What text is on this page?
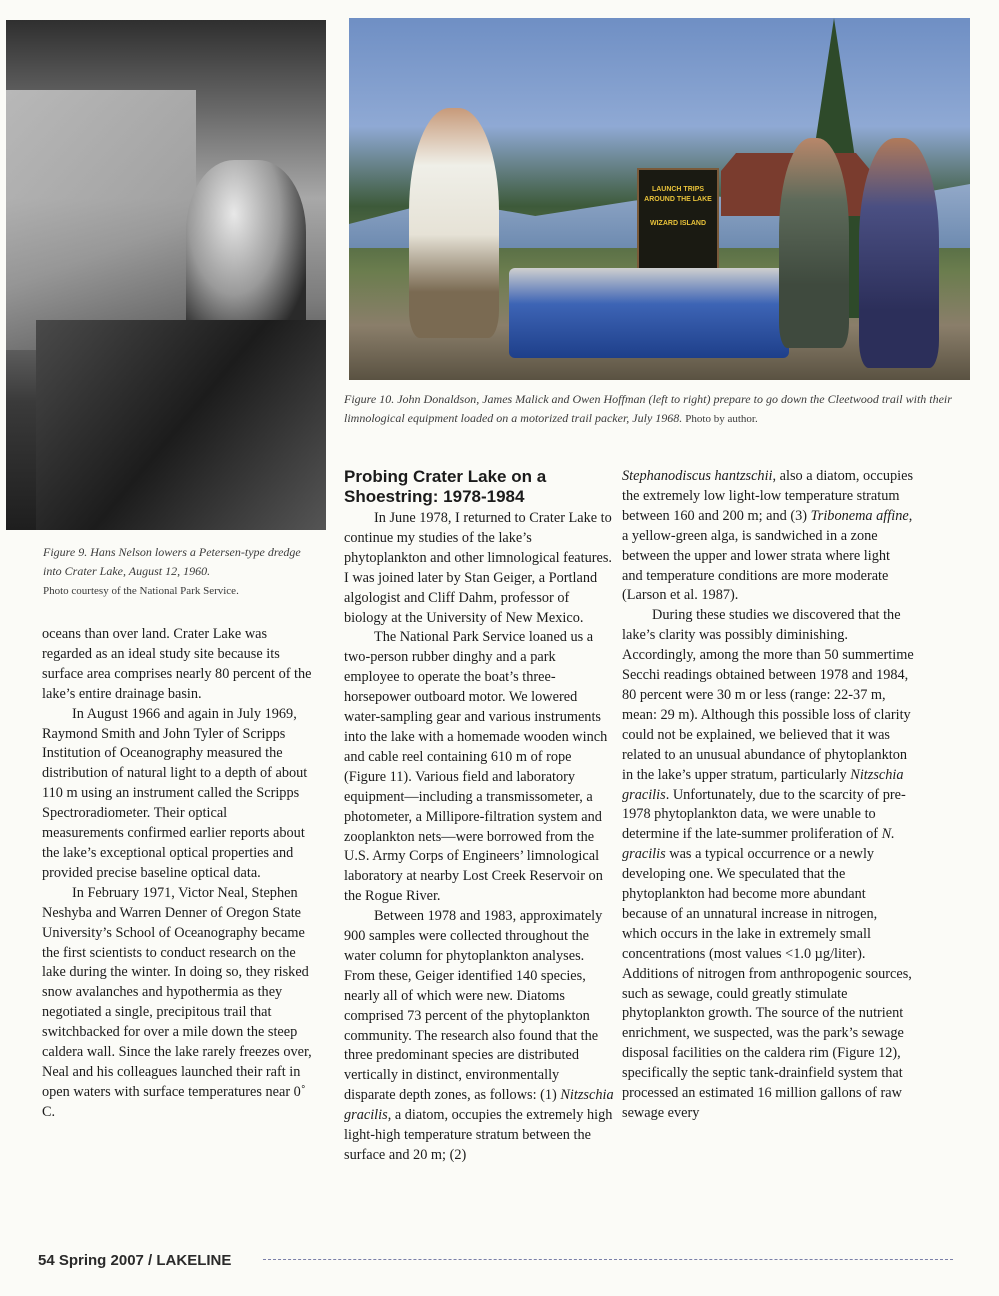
LAUNCH TRIPS
AROUND THE LAKE
WIZARD ISLAND

Figure 9. Hans Nelson lowers a Petersen-type dredge into Crater Lake, August 12, 1960.
Photo courtesy of the National Park Service.

Figure 10. John Donaldson, James Malick and Owen Hoffman (left to right) prepare to go down the Cleetwood trail with their limnological equipment loaded on a motorized trail packer, July 1968. Photo by author.

oceans than over land. Crater Lake was regarded as an ideal study site because its surface area comprises nearly 80 percent of the lake’s entire drainage basin.

In August 1966 and again in July 1969, Raymond Smith and John Tyler of Scripps Institution of Oceanography measured the distribution of natural light to a depth of about 110 m using an instrument called the Scripps Spectroradiometer. Their optical measurements confirmed earlier reports about the lake’s exceptional optical properties and provided precise baseline optical data.

In February 1971, Victor Neal, Stephen Neshyba and Warren Denner of Oregon State University’s School of Oceanography became the first scientists to conduct research on the lake during the winter. In doing so, they risked snow avalanches and hypothermia as they negotiated a single, precipitous trail that switchbacked for over a mile down the steep caldera wall. Since the lake rarely freezes over, Neal and his colleagues launched their raft in open waters with surface temperatures near 0˚ C.

Probing Crater Lake on a Shoestring: 1978-1984

In June 1978, I returned to Crater Lake to continue my studies of the lake’s phytoplankton and other limnological features. I was joined later by Stan Geiger, a Portland algologist and Cliff Dahm, professor of biology at the University of New Mexico.

The National Park Service loaned us a two-person rubber dinghy and a park employee to operate the boat’s three-horsepower outboard motor. We lowered water-sampling gear and various instruments into the lake with a homemade wooden winch and cable reel containing 610 m of rope (Figure 11). Various field and laboratory equipment—including a transmissometer, a photometer, a Millipore-filtration system and zooplankton nets—were borrowed from the U.S. Army Corps of Engineers’ limnological laboratory at nearby Lost Creek Reservoir on the Rogue River.

Between 1978 and 1983, approximately 900 samples were collected throughout the water column for phytoplankton analyses. From these, Geiger identified 140 species, nearly all of which were new. Diatoms comprised 73 percent of the phytoplankton community. The research also found that the three predominant species are distributed vertically in distinct, environmentally disparate depth zones, as follows: (1) Nitzschia gracilis, a diatom, occupies the extremely high light-high temperature stratum between the surface and 20 m; (2)

Stephanodiscus hantzschii, also a diatom, occupies the extremely low light-low temperature stratum between 160 and 200 m; and (3) Tribonema affine, a yellow-green alga, is sandwiched in a zone between the upper and lower strata where light and temperature conditions are more moderate (Larson et al. 1987).

During these studies we discovered that the lake’s clarity was possibly diminishing. Accordingly, among the more than 50 summertime Secchi readings obtained between 1978 and 1984, 80 percent were 30 m or less (range: 22-37 m, mean: 29 m). Although this possible loss of clarity could not be explained, we believed that it was related to an unusual abundance of phytoplankton in the lake’s upper stratum, particularly Nitzschia gracilis. Unfortunately, due to the scarcity of pre-1978 phytoplankton data, we were unable to determine if the late-summer proliferation of N. gracilis was a typical occurrence or a newly developing one. We speculated that the phytoplankton had become more abundant because of an unnatural increase in nitrogen, which occurs in the lake in extremely small concentrations (most values <1.0 µg/liter). Additions of nitrogen from anthropogenic sources, such as sewage, could greatly stimulate phytoplankton growth. The source of the nutrient enrichment, we suspected, was the park’s sewage disposal facilities on the caldera rim (Figure 12), specifically the septic tank-drainfield system that processed an estimated 16 million gallons of raw sewage every

54 Spring 2007 / LAKELINE
